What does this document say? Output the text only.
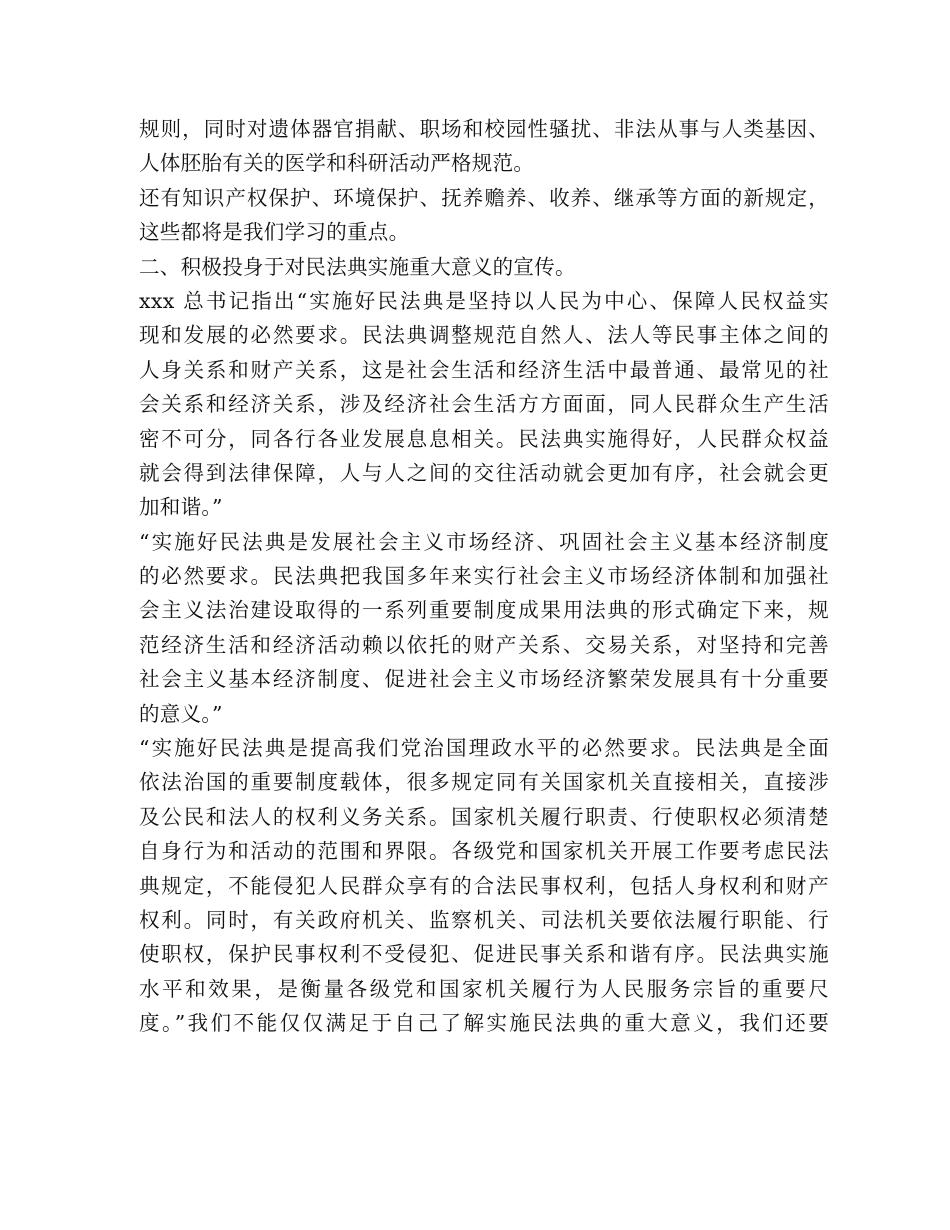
规则，同时对遗体器官捐献、职场和校园性骚扰、非法从事与人类基因、
人体胚胎有关的医学和科研活动严格规范。
还有知识产权保护、环境保护、抚养赡养、收养、继承等方面的新规定，
这些都将是我们学习的重点。
二、积极投身于对民法典实施重大意义的宣传。
xxx 总书记指出“实施好民法典是坚持以人民为中心、保障人民权益实
现和发展的必然要求。民法典调整规范自然人、法人等民事主体之间的
人身关系和财产关系，这是社会生活和经济生活中最普通、最常见的社
会关系和经济关系，涉及经济社会生活方方面面，同人民群众生产生活
密不可分，同各行各业发展息息相关。民法典实施得好，人民群众权益
就会得到法律保障，人与人之间的交往活动就会更加有序，社会就会更
加和谐。”
“实施好民法典是发展社会主义市场经济、巩固社会主义基本经济制度
的必然要求。民法典把我国多年来实行社会主义市场经济体制和加强社
会主义法治建设取得的一系列重要制度成果用法典的形式确定下来，规
范经济生活和经济活动赖以依托的财产关系、交易关系，对坚持和完善
社会主义基本经济制度、促进社会主义市场经济繁荣发展具有十分重要
的意义。”
“实施好民法典是提高我们党治国理政水平的必然要求。民法典是全面
依法治国的重要制度载体，很多规定同有关国家机关直接相关，直接涉
及公民和法人的权利义务关系。国家机关履行职责、行使职权必须清楚
自身行为和活动的范围和界限。各级党和国家机关开展工作要考虑民法
典规定，不能侵犯人民群众享有的合法民事权利，包括人身权利和财产
权利。同时，有关政府机关、监察机关、司法机关要依法履行职能、行
使职权，保护民事权利不受侵犯、促进民事关系和谐有序。民法典实施
水平和效果，是衡量各级党和国家机关履行为人民服务宗旨的重要尺
度。”我们不能仅仅满足于自己了解实施民法典的重大意义，我们还要
